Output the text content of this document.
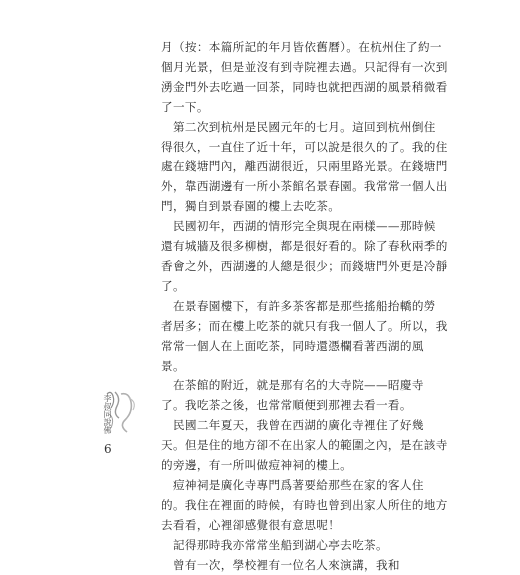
月（按：本篇所記的年月皆依舊曆）。在杭州住了約一
個月光景，但是並沒有到寺院裡去過。只記得有一次到
湧金門外去吃過一回茶，同時也就把西湖的風景稍微看
了一下。

　第二次到杭州是民國元年的七月。這回到杭州倒住
得很久，一直住了近十年，可以說是很久的了。我的住
處在錢塘門內，離西湖很近，只兩里路光景。在錢塘門
外，靠西湖邊有一所小茶館名景春園。我常常一個人出
門，獨自到景春園的樓上去吃茶。

　民國初年，西湖的情形完全與現在兩樣——那時候
還有城牆及很多柳樹，都是很好看的。除了春秋兩季的
香會之外，西湖邊的人總是很少；而錢塘門外更是冷靜
了。

　在景春園樓下，有許多茶客都是那些搖船抬轎的勞
者居多；而在樓上吃茶的就只有我一個人了。所以，我
常常一個人在上面吃茶，同時還憑欄看著西湖的風
景。

　在茶館的附近，就是那有名的大寺院——昭慶寺
了。我吃茶之後，也常常順便到那裡去看一看。

　民國二年夏天，我曾在西湖的廣化寺裡住了好幾
天。但是住的地方卻不在出家人的範圍之內，是在該寺
的旁邊，有一所叫做痘神祠的樓上。

　痘神祠是廣化寺專門爲著要給那些在家的客人住
的。我住在裡面的時候，有時也曾到出家人所住的地方
去看看，心裡卻感覺很有意思呢！

　記得那時我亦常常坐船到湖心亭去吃茶。
　曾有一次，學校裡有一位名人來演講，我和

李叔同說佛
6
